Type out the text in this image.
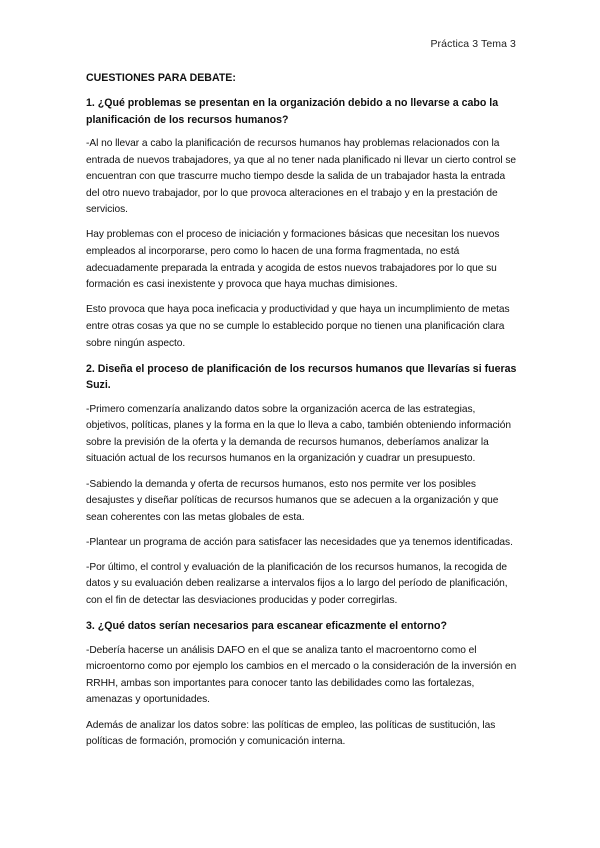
Práctica 3 Tema 3
CUESTIONES PARA DEBATE:
1. ¿Qué problemas se presentan en la organización debido a no llevarse a cabo la planificación de los recursos humanos?

-Al no llevar a cabo la planificación de recursos humanos hay problemas relacionados con la entrada de nuevos trabajadores, ya que al no tener nada planificado ni llevar un cierto control se encuentran con que trascurre mucho tiempo desde la salida de un trabajador hasta la entrada del otro nuevo trabajador, por lo que provoca alteraciones en el trabajo y en la prestación de servicios.

Hay problemas con el proceso de iniciación y formaciones básicas que necesitan los nuevos empleados al incorporarse, pero como lo hacen de una forma fragmentada, no está adecuadamente preparada la entrada y acogida de estos nuevos trabajadores por lo que su formación es casi inexistente y provoca que haya muchas dimisiones.

Esto provoca que haya poca ineficacia y productividad y que haya un incumplimiento de metas entre otras cosas ya que no se cumple lo establecido porque no tienen una planificación clara sobre ningún aspecto.

2. Diseña el proceso de planificación de los recursos humanos que llevarías si fueras Suzi.

-Primero comenzaría analizando datos sobre la organización acerca de las estrategias, objetivos, políticas, planes y la forma en la que lo lleva a cabo, también obteniendo información sobre la previsión de la oferta y la demanda de recursos humanos, deberíamos analizar la situación actual de los recursos humanos en la organización y cuadrar un presupuesto.

-Sabiendo la demanda y oferta de recursos humanos, esto nos permite ver los posibles desajustes y diseñar políticas de recursos humanos que se adecuen a la organización y que sean coherentes con las metas globales de esta.

-Plantear un programa de acción para satisfacer las necesidades que ya tenemos identificadas.

-Por último, el control y evaluación de la planificación de los recursos humanos, la recogida de datos y su evaluación deben realizarse a intervalos fijos a lo largo del período de planificación, con el fin de detectar las desviaciones producidas y poder corregirlas.

3. ¿Qué datos serían necesarios para escanear eficazmente el entorno?

-Debería hacerse un análisis DAFO en el que se analiza tanto el macroentorno como el microentorno como por ejemplo los cambios en el mercado o la consideración de la inversión en RRHH, ambas son importantes para conocer tanto las debilidades como las fortalezas, amenazas y oportunidades.

Además de analizar los datos sobre: las políticas de empleo, las políticas de sustitución, las políticas de formación, promoción y comunicación interna.
